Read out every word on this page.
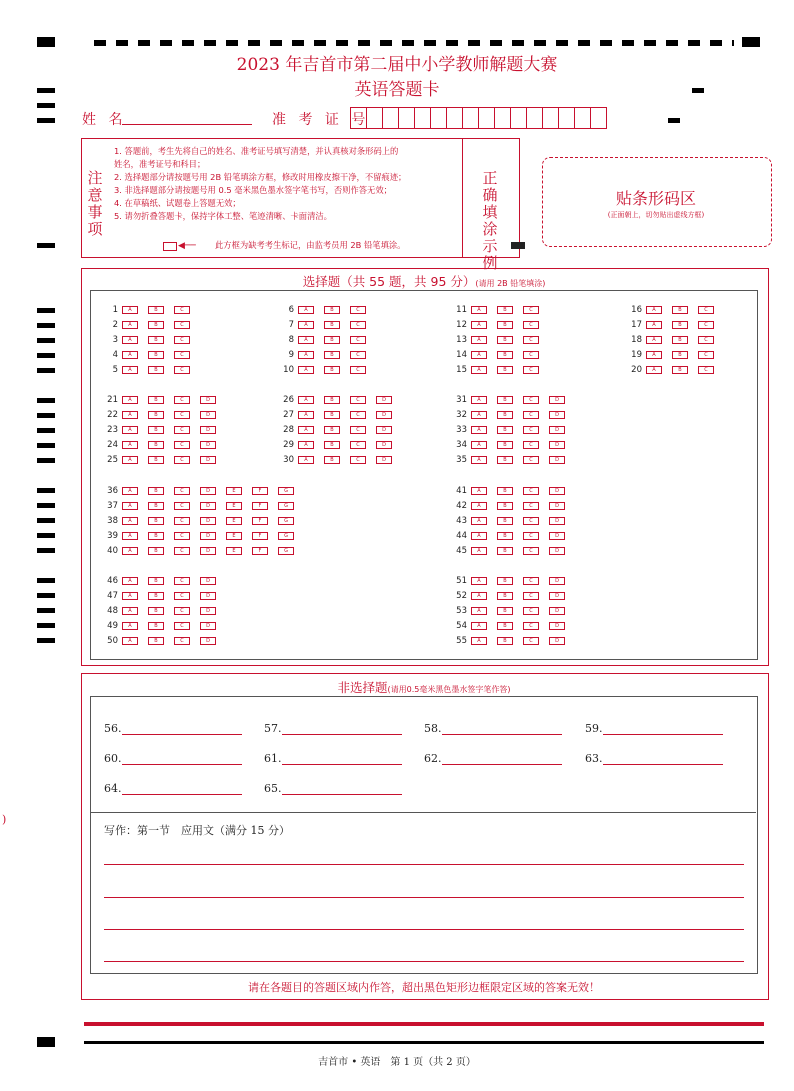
2023 年吉首市第二届中小学教师解题大赛
英语答题卡
姓 名	准 考 证 号
注意事项
1. 答题前，考生先将自己的姓名、准考证号填写清楚，并认真核对条形码上的
姓名，准考证号和科目；
2. 选择题部分请按题号用 2B 铅笔填涂方框，修改时用橡皮擦干净，不留痕迹；
3. 非选择题部分请按题号用 0.5 毫米黑色墨水签字笔书写，否则作答无效；
4. 在草稿纸、试题卷上答题无效；
5. 请勿折叠答题卡，保持字体工整、笔迹清晰、卡面清洁。
◀── 此方框为缺考考生标记，由监考员用 2B 铅笔填涂。
正确填涂示例
贴条形码区
(正面朝上，切勿贴出虚线方框)
选择题（共 55 题，共 95 分）(请用 2B 铅笔填涂)
1	A	B	C
2	A	B	C
3	A	B	C
4	A	B	C
5	A	B	C
6	A	B	C
7	A	B	C
8	A	B	C
9	A	B	C
10	A	B	C
11	A	B	C
12	A	B	C
13	A	B	C
14	A	B	C
15	A	B	C
16	A	B	C
17	A	B	C
18	A	B	C
19	A	B	C
20	A	B	C
21	A	B	C	D
22	A	B	C	D
23	A	B	C	D
24	A	B	C	D
25	A	B	C	D
26	A	B	C	D
27	A	B	C	D
28	A	B	C	D
29	A	B	C	D
30	A	B	C	D
31	A	B	C	D
32	A	B	C	D
33	A	B	C	D
34	A	B	C	D
35	A	B	C	D
36	A	B	C	D	E	F	G
37	A	B	C	D	E	F	G
38	A	B	C	D	E	F	G
39	A	B	C	D	E	F	G
40	A	B	C	D	E	F	G
41	A	B	C	D
42	A	B	C	D
43	A	B	C	D
44	A	B	C	D
45	A	B	C	D
46	A	B	C	D
47	A	B	C	D
48	A	B	C	D
49	A	B	C	D
50	A	B	C	D
51	A	B	C	D
52	A	B	C	D
53	A	B	C	D
54	A	B	C	D
55	A	B	C	D
非选择题(请用0.5毫米黑色墨水签字笔作答)
56.	57.	58.	59.
60.	61.	62.	63.
64.	65.
写作：第一节　应用文（满分 15 分）
请在各题目的答题区域内作答，超出黑色矩形边框限定区域的答案无效！
)
吉首市 • 英语　第 1 页（共 2 页）
